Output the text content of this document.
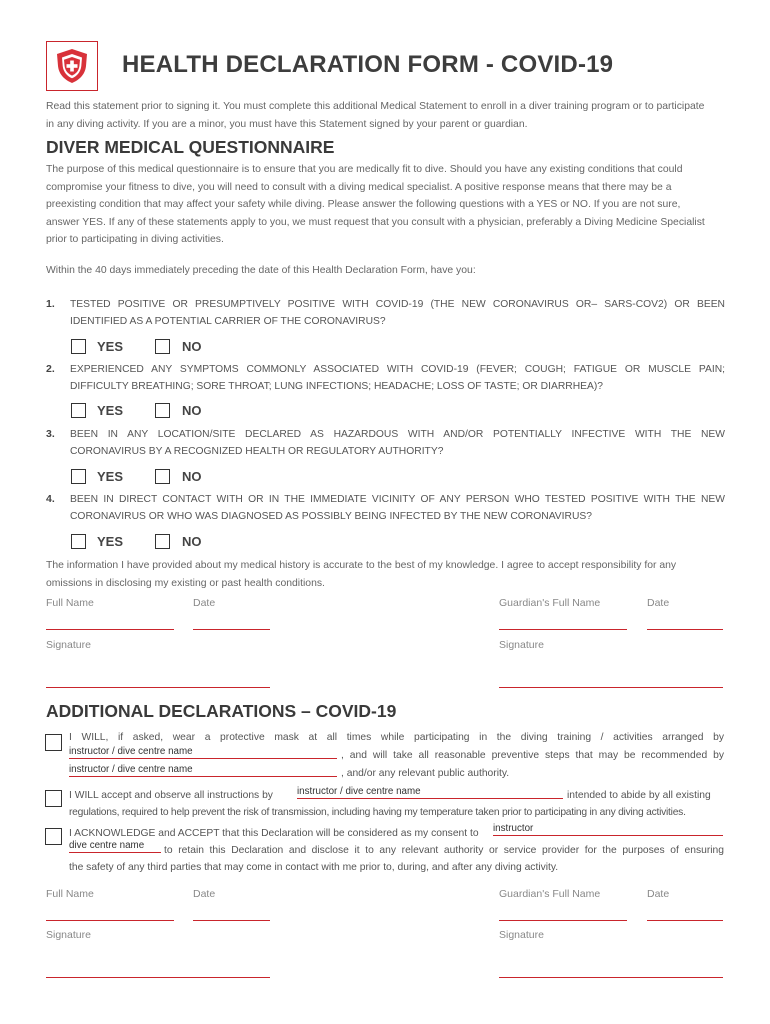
HEALTH DECLARATION FORM - COVID-19
Read this statement prior to signing it. You must complete this additional Medical Statement to enroll in a diver training program or to participate
in any diving activity. If you are a minor, you must have this Statement signed by your parent or guardian.
DIVER MEDICAL QUESTIONNAIRE
The purpose of this medical questionnaire is to ensure that you are medically fit to dive. Should you have any existing conditions that could
compromise your fitness to dive, you will need to consult with a diving medical specialist. A positive response means that there may be a
preexisting condition that may affect your safety while diving. Please answer the following questions with a YES or NO. If you are not sure,
answer YES. If any of these statements apply to you, we must request that you consult with a physician, preferably a Diving Medicine Specialist
prior to participating in diving activities.
Within the 40 days immediately preceding the date of this Health Declaration Form, have you:
1. TESTED POSITIVE OR PRESUMPTIVELY POSITIVE WITH COVID-19 (THE NEW CORONAVIRUS OR– SARS-COV2) OR BEEN
IDENTIFIED AS A POTENTIAL CARRIER OF THE CORONAVIRUS?
YES	NO
2. EXPERIENCED ANY SYMPTOMS COMMONLY ASSOCIATED WITH COVID-19 (FEVER; COUGH; FATIGUE OR MUSCLE PAIN;
DIFFICULTY BREATHING; SORE THROAT; LUNG INFECTIONS; HEADACHE; LOSS OF TASTE; OR DIARRHEA)?
YES	NO
3. BEEN IN ANY LOCATION/SITE DECLARED AS HAZARDOUS WITH AND/OR POTENTIALLY INFECTIVE WITH THE NEW
CORONAVIRUS BY A RECOGNIZED HEALTH OR REGULATORY AUTHORITY?
YES	NO
4. BEEN IN DIRECT CONTACT WITH OR IN THE IMMEDIATE VICINITY OF ANY PERSON WHO TESTED POSITIVE WITH THE NEW
CORONAVIRUS OR WHO WAS DIAGNOSED AS POSSIBLY BEING INFECTED BY THE NEW CORONAVIRUS?
YES	NO
The information I have provided about my medical history is accurate to the best of my knowledge. I agree to accept responsibility for any
omissions in disclosing my existing or past health conditions.
Full Name	Date	Guardian's Full Name	Date
Signature	Signature
ADDITIONAL DECLARATIONS – COVID-19
I WILL, if asked, wear a protective mask at all times while participating in the diving training / activities arranged by
instructor / dive centre name	, and will take all reasonable preventive steps that may be recommended by
instructor / dive centre name	, and/or any relevant public authority.
I WILL accept and observe all instructions by instructor / dive centre name	intended to abide by all existing
regulations, required to help prevent the risk of transmission, including having my temperature taken prior to participating in any diving activities.
I ACKNOWLEDGE and ACCEPT that this Declaration will be considered as my consent to instructor
dive centre name	to retain this Declaration and disclose it to any relevant authority or service provider for the purposes of ensuring
the safety of any third parties that may come in contact with me prior to, during, and after any diving activity.
Full Name	Date	Guardian's Full Name	Date
Signature	Signature
